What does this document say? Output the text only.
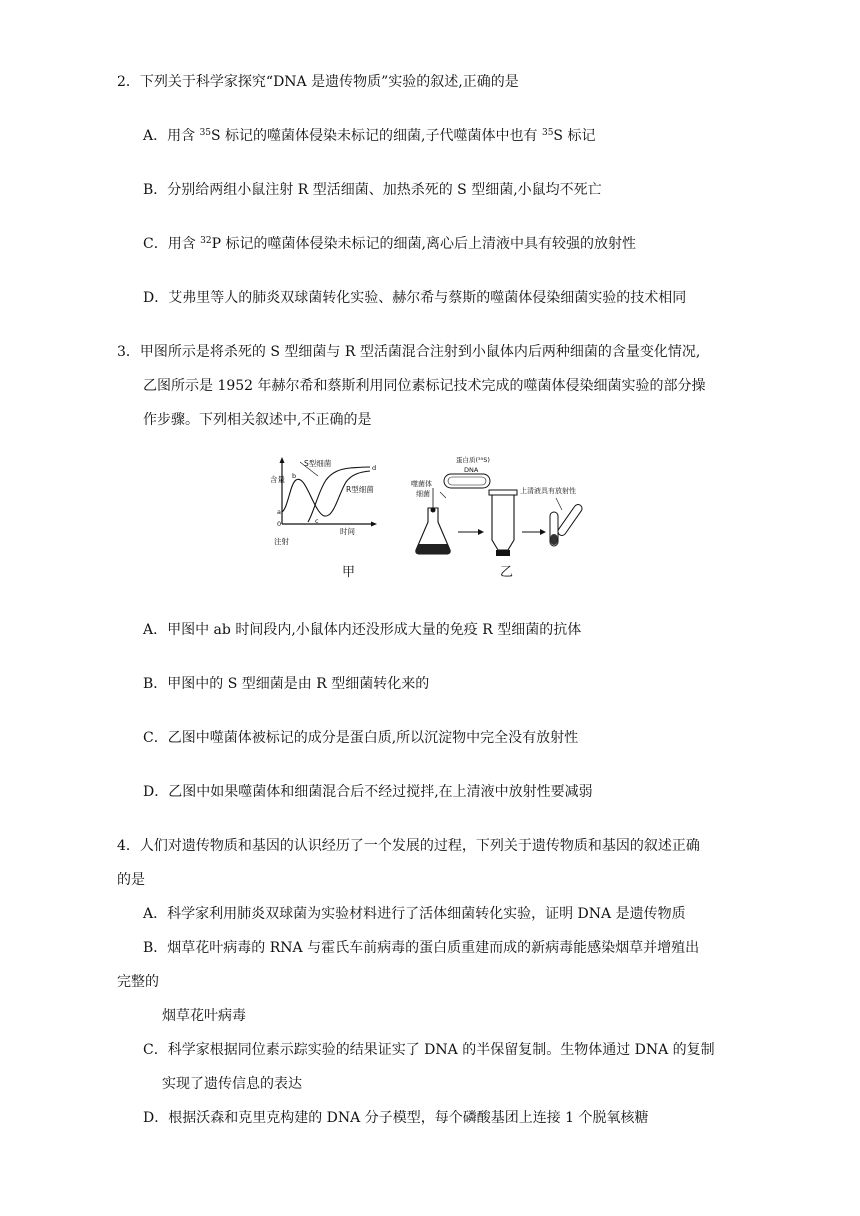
2．下列关于科学家探究“DNA 是遗传物质”实验的叙述,正确的是
A．用含 $^{35}$S 标记的噬菌体侵染未标记的细菌,子代噬菌体中也有 $^{35}$S 标记
B．分别给两组小鼠注射 R 型活细菌、加热杀死的 S 型细菌,小鼠均不死亡
C．用含 $^{32}$P 标记的噬菌体侵染未标记的细菌,离心后上清液中具有较强的放射性
D．艾弗里等人的肺炎双球菌转化实验、赫尔希与蔡斯的噬菌体侵染细菌实验的技术相同
3．甲图所示是将杀死的 S 型细菌与 R 型活菌混合注射到小鼠体内后两种细菌的含量变化情况,
乙图所示是 1952 年赫尔希和蔡斯利用同位素标记技术完成的噬菌体侵染细菌实验的部分操
作步骤。下列相关叙述中,不正确的是
S型细菌
R型细菌
含量
时间
注射
a
b
c
d
0
噬菌体
细菌
蛋白质(³⁵S)
DNA
上清液具有放射性
甲	乙
A．甲图中 ab 时间段内,小鼠体内还没形成大量的免疫 R 型细菌的抗体
B．甲图中的 S 型细菌是由 R 型细菌转化来的
C．乙图中噬菌体被标记的成分是蛋白质,所以沉淀物中完全没有放射性
D．乙图中如果噬菌体和细菌混合后不经过搅拌,在上清液中放射性要减弱
4．人们对遗传物质和基因的认识经历了一个发展的过程，下列关于遗传物质和基因的叙述正确
的是
A．科学家利用肺炎双球菌为实验材料进行了活体细菌转化实验，证明 DNA 是遗传物质
B．烟草花叶病毒的 RNA 与霍氏车前病毒的蛋白质重建而成的新病毒能感染烟草并增殖出
完整的
烟草花叶病毒
C．科学家根据同位素示踪实验的结果证实了 DNA 的半保留复制。生物体通过 DNA 的复制
实现了遗传信息的表达
D．根据沃森和克里克构建的 DNA 分子模型，每个磷酸基团上连接 1 个脱氧核糖
